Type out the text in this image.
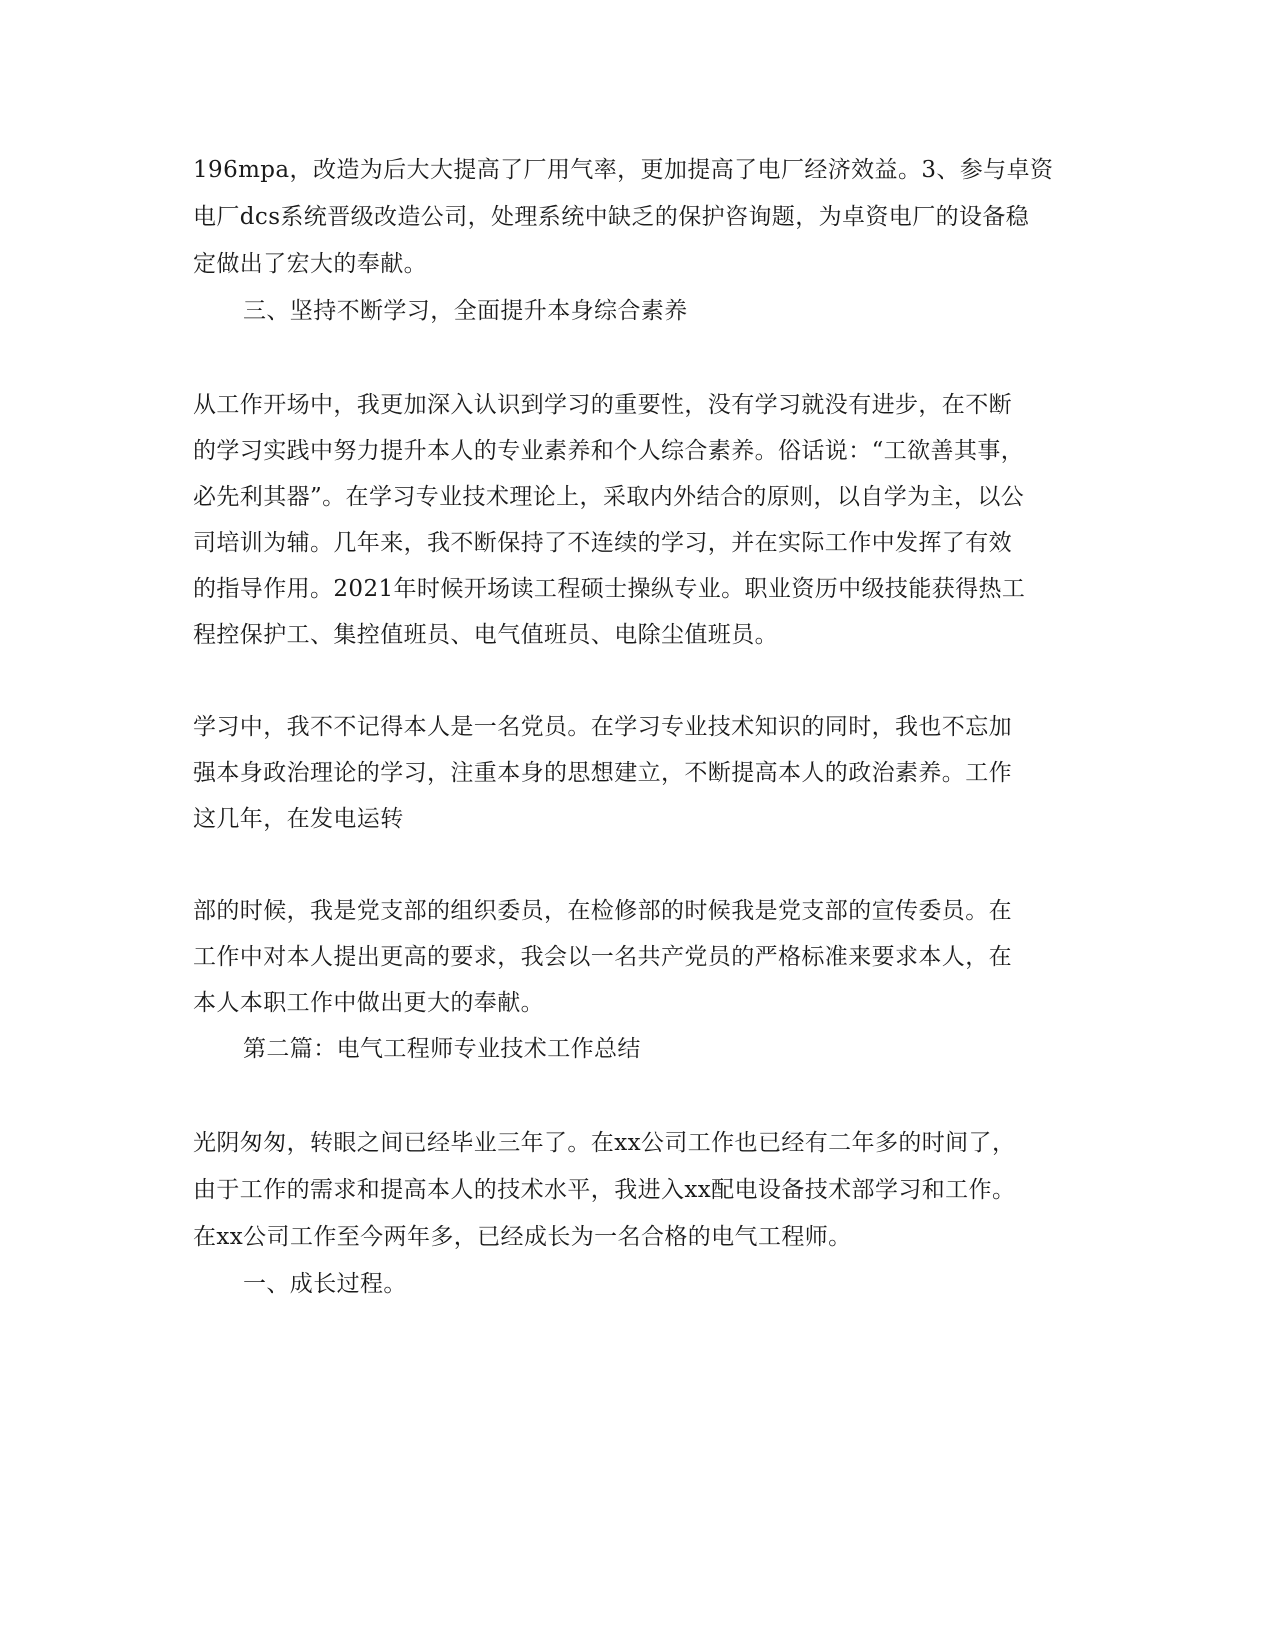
196mpa，改造为后大大提高了厂用气率，更加提高了电厂经济效益。3、参与卓资
电厂dcs系统晋级改造公司，处理系统中缺乏的保护咨询题，为卓资电厂的设备稳
定做出了宏大的奉献。
三、坚持不断学习，全面提升本身综合素养
从工作开场中，我更加深入认识到学习的重要性，没有学习就没有进步，在不断
的学习实践中努力提升本人的专业素养和个人综合素养。俗话说：“工欲善其事，
必先利其器”。在学习专业技术理论上，采取内外结合的原则，以自学为主，以公
司培训为辅。几年来，我不断保持了不连续的学习，并在实际工作中发挥了有效
的指导作用。2021年时候开场读工程硕士操纵专业。职业资历中级技能获得热工
程控保护工、集控值班员、电气值班员、电除尘值班员。
学习中，我不不记得本人是一名党员。在学习专业技术知识的同时，我也不忘加
强本身政治理论的学习，注重本身的思想建立，不断提高本人的政治素养。工作
这几年，在发电运转
部的时候，我是党支部的组织委员，在检修部的时候我是党支部的宣传委员。在
工作中对本人提出更高的要求，我会以一名共产党员的严格标准来要求本人，在
本人本职工作中做出更大的奉献。
第二篇：电气工程师专业技术工作总结
光阴匆匆，转眼之间已经毕业三年了。在xx公司工作也已经有二年多的时间了，
由于工作的需求和提高本人的技术水平，我进入xx配电设备技术部学习和工作。
在xx公司工作至今两年多，已经成长为一名合格的电气工程师。
一、成长过程。
